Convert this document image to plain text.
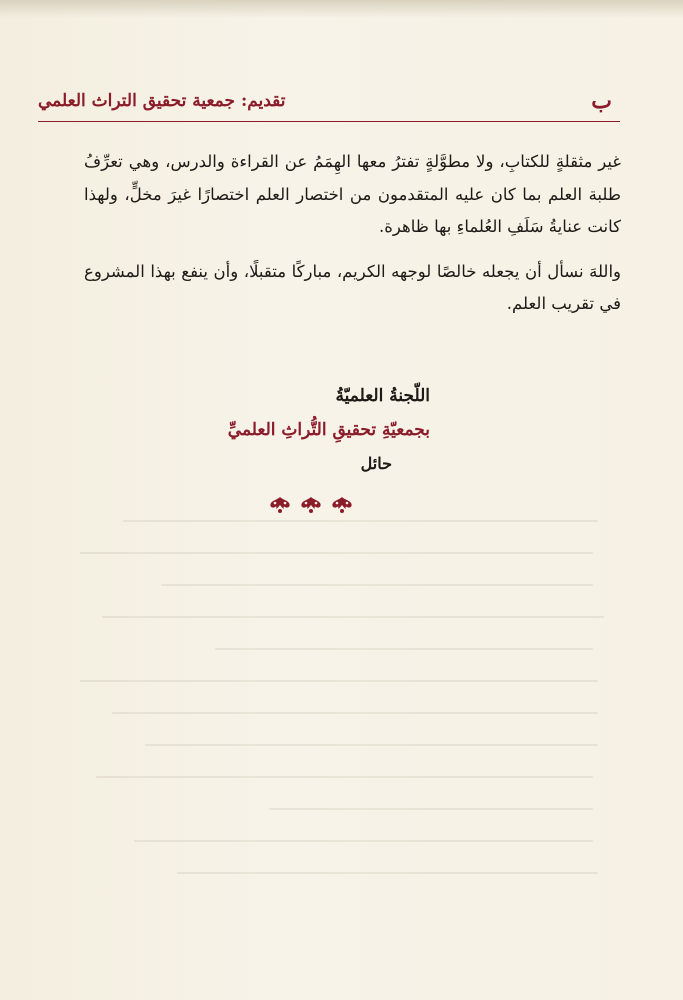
ب
تقديم: جمعية تحقيق التراث العلمي

غير مثقلةٍ للكتابِ، ولا مطوَّلةٍ تفترُ معها الهِمَمُ عن القراءة والدرس، وهي تعرِّفُ طلبة العلم بما كان عليه المتقدمون من اختصار العلم اختصارًا غيرَ مخلٍّ، ولهذا كانت عنايةُ سَلَفِ العُلماءِ بها ظاهرة.

واللهَ نسأل أن يجعله خالصًا لوجهه الكريم، مباركًا متقبلًا، وأن ينفع بهذا المشروع في تقريب العلم.

اللّجنةُ العلميّةُ
بجمعيّةِ تحقيقِ التُّراثِ العلميِّ
حائل
